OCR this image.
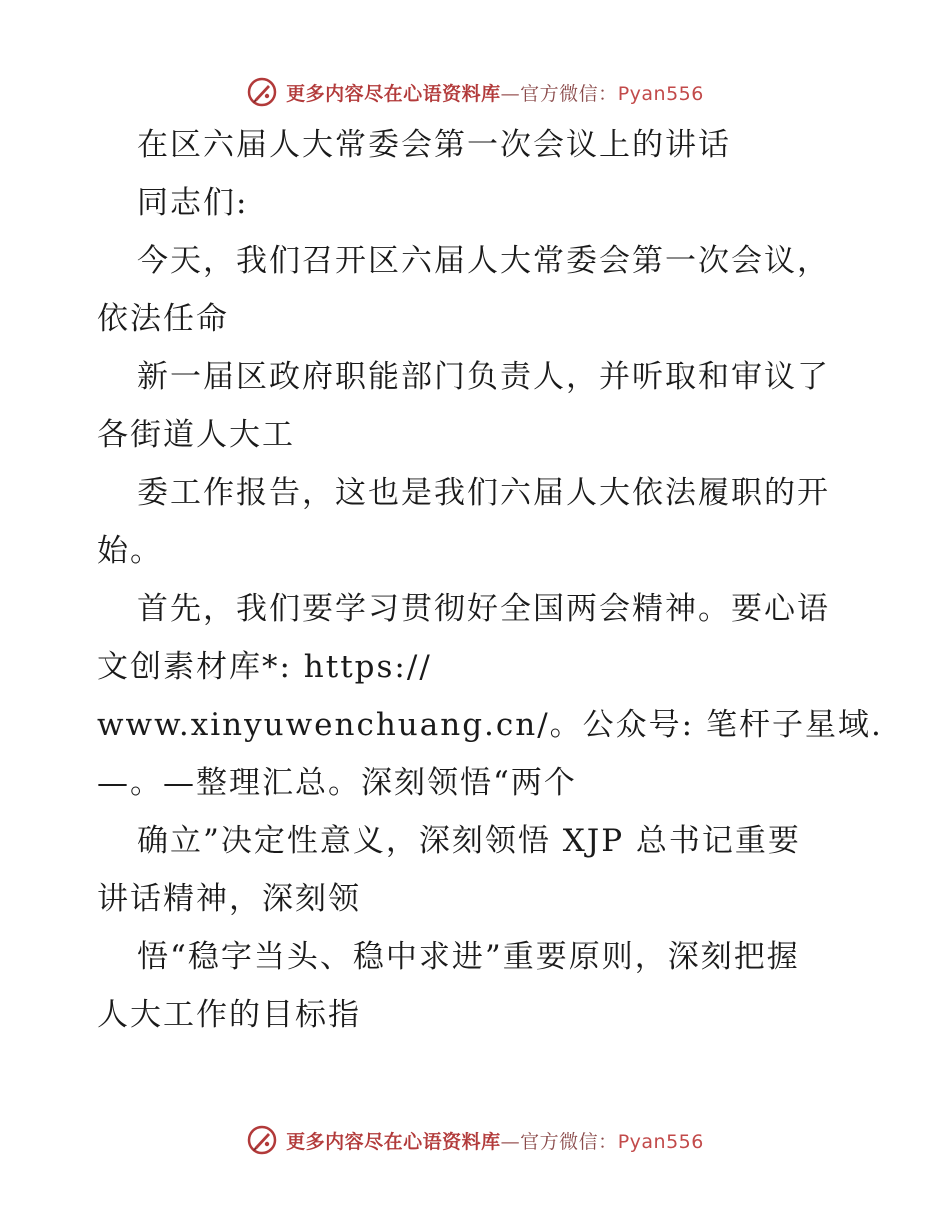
更多内容尽在心语资料库—官方微信：Pyan556
在区六届人大常委会第一次会议上的讲话
同志们:
今天，我们召开区六届人大常委会第一次会议，
依法任命
新一届区政府职能部门负责人，并听取和审议了
各街道人大工
委工作报告，这也是我们六届人大依法履职的开
始。
首先，我们要学习贯彻好全国两会精神。要心语
文创素材库*: https://
www.xinyuwenchuang.cn/。公众号: 笔杆子星域.
—。—整理汇总。深刻领悟“两个
确立”决定性意义，深刻领悟 XJP 总书记重要
讲话精神，深刻领
悟“稳字当头、稳中求进”重要原则，深刻把握
人大工作的目标指
更多内容尽在心语资料库—官方微信：Pyan556
